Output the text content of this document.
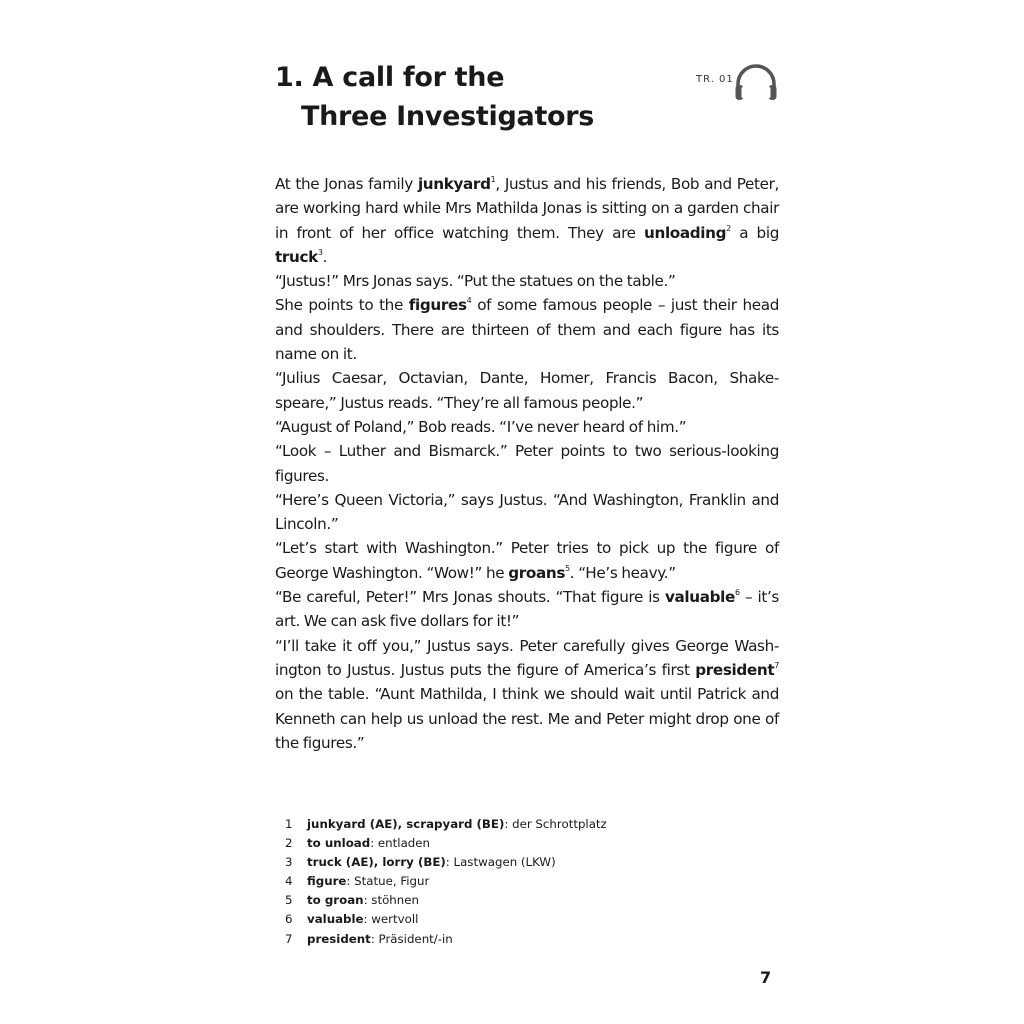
1. A call for the
Three Investigators
TR. 01

At the Jonas family junkyard$^1$, Justus and his friends, Bob and Peter, are working hard while Mrs Mathilda Jonas is sitting on a garden chair in front of her office watching them. They are unloading$^2$ a big truck$^3$.

“Justus!” Mrs Jonas says. “Put the statues on the table.”

She points to the figures$^4$ of some famous people – just their head and shoulders. There are thirteen of them and each figure has its name on it.

“Julius Caesar, Octavian, Dante, Homer, Francis Bacon, Shake-speare,” Justus reads. “They’re all famous people.”

“August of Poland,” Bob reads. “I’ve never heard of him.”

“Look – Luther and Bismarck.” Peter points to two serious-looking figures.

“Here’s Queen Victoria,” says Justus. “And Washington, Franklin and Lincoln.”

“Let’s start with Washington.” Peter tries to pick up the figure of George Washington. “Wow!” he groans$^5$. “He’s heavy.”

“Be careful, Peter!” Mrs Jonas shouts. “That figure is valuable$^6$ – it’s art. We can ask five dollars for it!”

“I’ll take it off you,” Justus says. Peter carefully gives George Wash-ington to Justus. Justus puts the figure of America’s first president$^7$ on the table. “Aunt Mathilda, I think we should wait until Patrick and Kenneth can help us unload the rest. Me and Peter might drop one of the figures.”

1	junkyard (AE), scrapyard (BE): der Schrottplatz
2	to unload: entladen
3	truck (AE), lorry (BE): Lastwagen (LKW)
4	figure: Statue, Figur
5	to groan: stöhnen
6	valuable: wertvoll
7	president: Präsident/-in
7
